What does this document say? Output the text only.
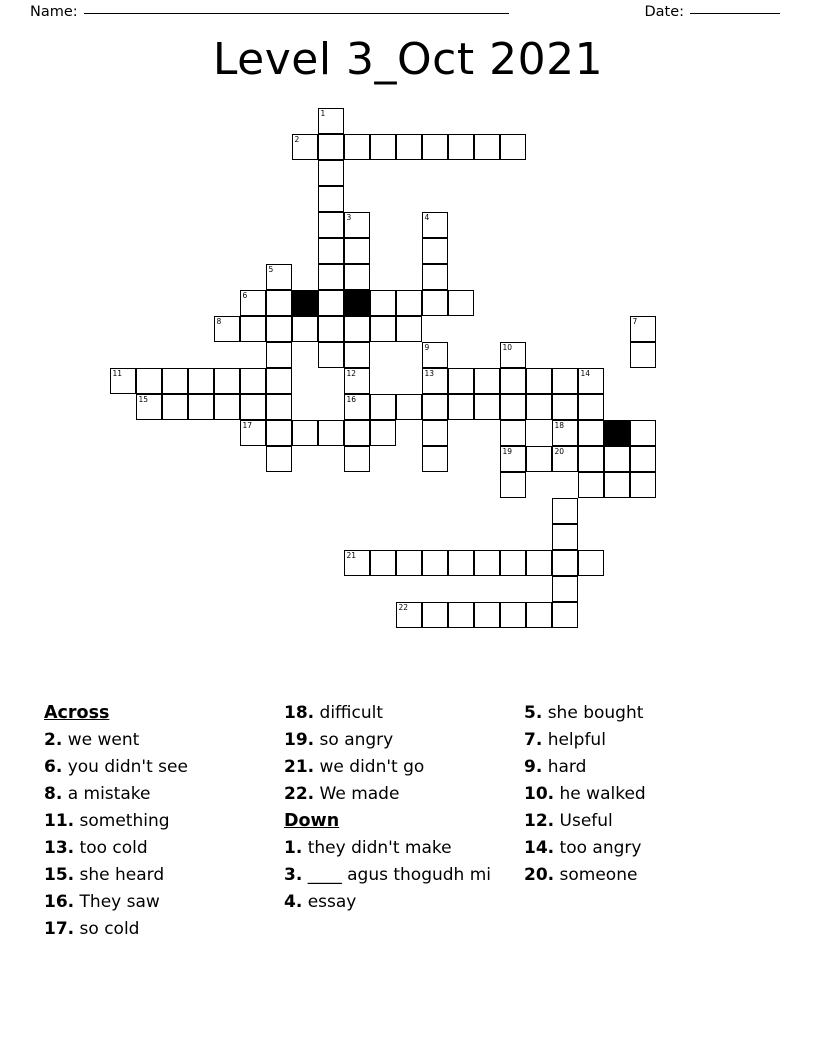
Name:	Date:
Level 3_Oct 2021
1
2
3	4
5
6
8	7
9	10
11	12	13	14
15	16
17	18
19	20
21
22
Across
2. we went
6. you didn't see
8. a mistake
11. something
13. too cold
15. she heard
16. They saw
17. so cold
18. difficult
19. so angry
21. we didn't go
22. We made
Down
1. they didn't make
3. ____ agus thogudh mi
4. essay
5. she bought
7. helpful
9. hard
10. he walked
12. Useful
14. too angry
20. someone
